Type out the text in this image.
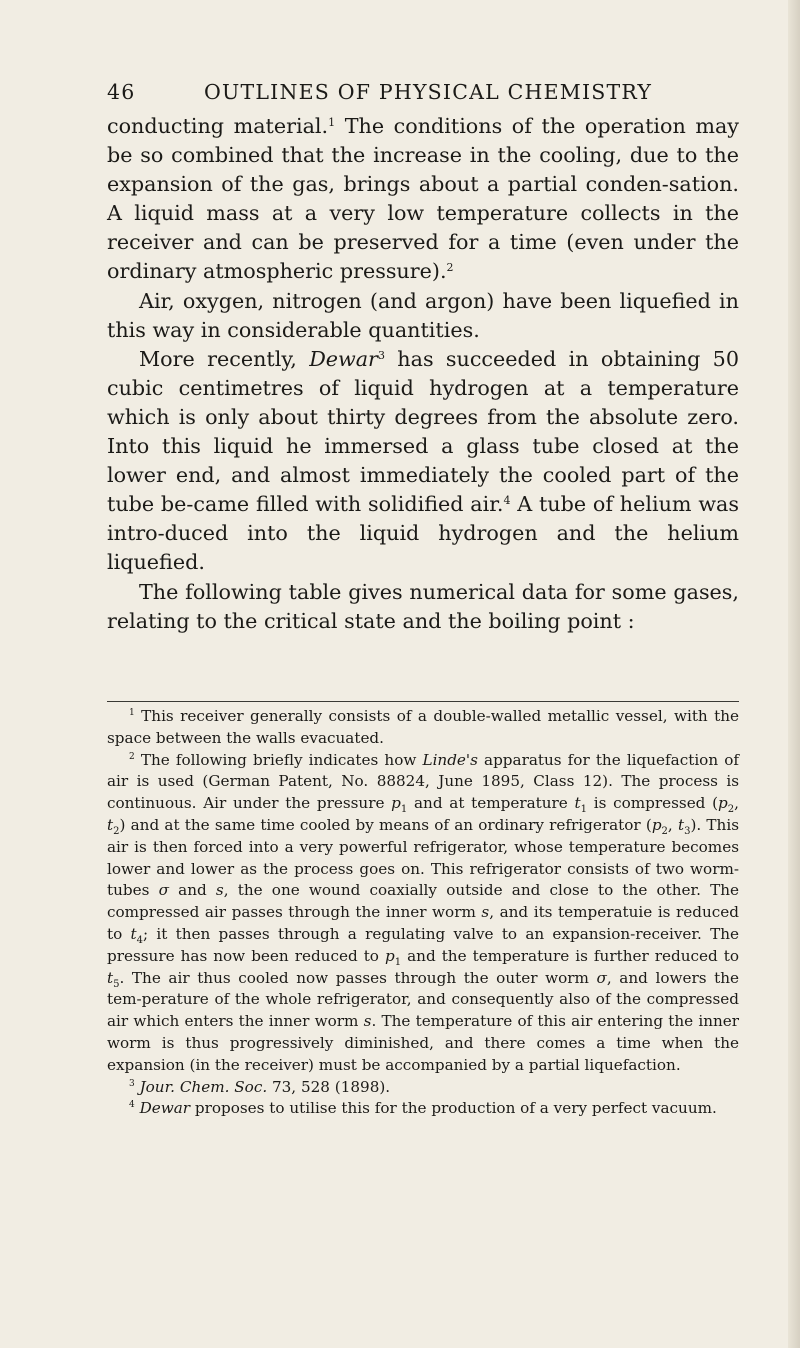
46	OUTLINES OF PHYSICAL CHEMISTRY

conducting material.$^1$ The conditions of the operation may be so combined that the increase in the cooling, due to the expansion of the gas, brings about a partial conden-sation. A liquid mass at a very low temperature collects in the receiver and can be preserved for a time (even under the ordinary atmospheric pressure).$^2$

Air, oxygen, nitrogen (and argon) have been liquefied in this way in considerable quantities.

More recently, Dewar$^3$ has succeeded in obtaining 50 cubic centimetres of liquid hydrogen at a temperature which is only about thirty degrees from the absolute zero. Into this liquid he immersed a glass tube closed at the lower end, and almost immediately the cooled part of the tube be-came filled with solidified air.$^4$ A tube of helium was intro-duced into the liquid hydrogen and the helium liquefied.

The following table gives numerical data for some gases, relating to the critical state and the boiling point :

$^1$ This receiver generally consists of a double-walled metallic vessel, with the space between the walls evacuated.

$^2$ The following briefly indicates how Linde's apparatus for the liquefaction of air is used (German Patent, No. 88824, June 1895, Class 12). The process is continuous. Air under the pressure $p_1$ and at temperature $t_1$ is compressed ($p_2$, $t_2$) and at the same time cooled by means of an ordinary refrigerator ($p_2$, $t_3$). This air is then forced into a very powerful refrigerator, whose temperature becomes lower and lower as the process goes on. This refrigerator consists of two worm-tubes σ and s, the one wound coaxially outside and close to the other. The compressed air passes through the inner worm s, and its temperatuie is reduced to $t_4$; it then passes through a regulating valve to an expansion-receiver. The pressure has now been reduced to $p_1$ and the temperature is further reduced to $t_5$. The air thus cooled now passes through the outer worm σ, and lowers the tem-perature of the whole refrigerator, and consequently also of the compressed air which enters the inner worm s. The temperature of this air entering the inner worm is thus progressively diminished, and there comes a time when the expansion (in the receiver) must be accompanied by a partial liquefaction.

$^3$ Jour. Chem. Soc. 73, 528 (1898).

$^4$ Dewar proposes to utilise this for the production of a very perfect vacuum.
